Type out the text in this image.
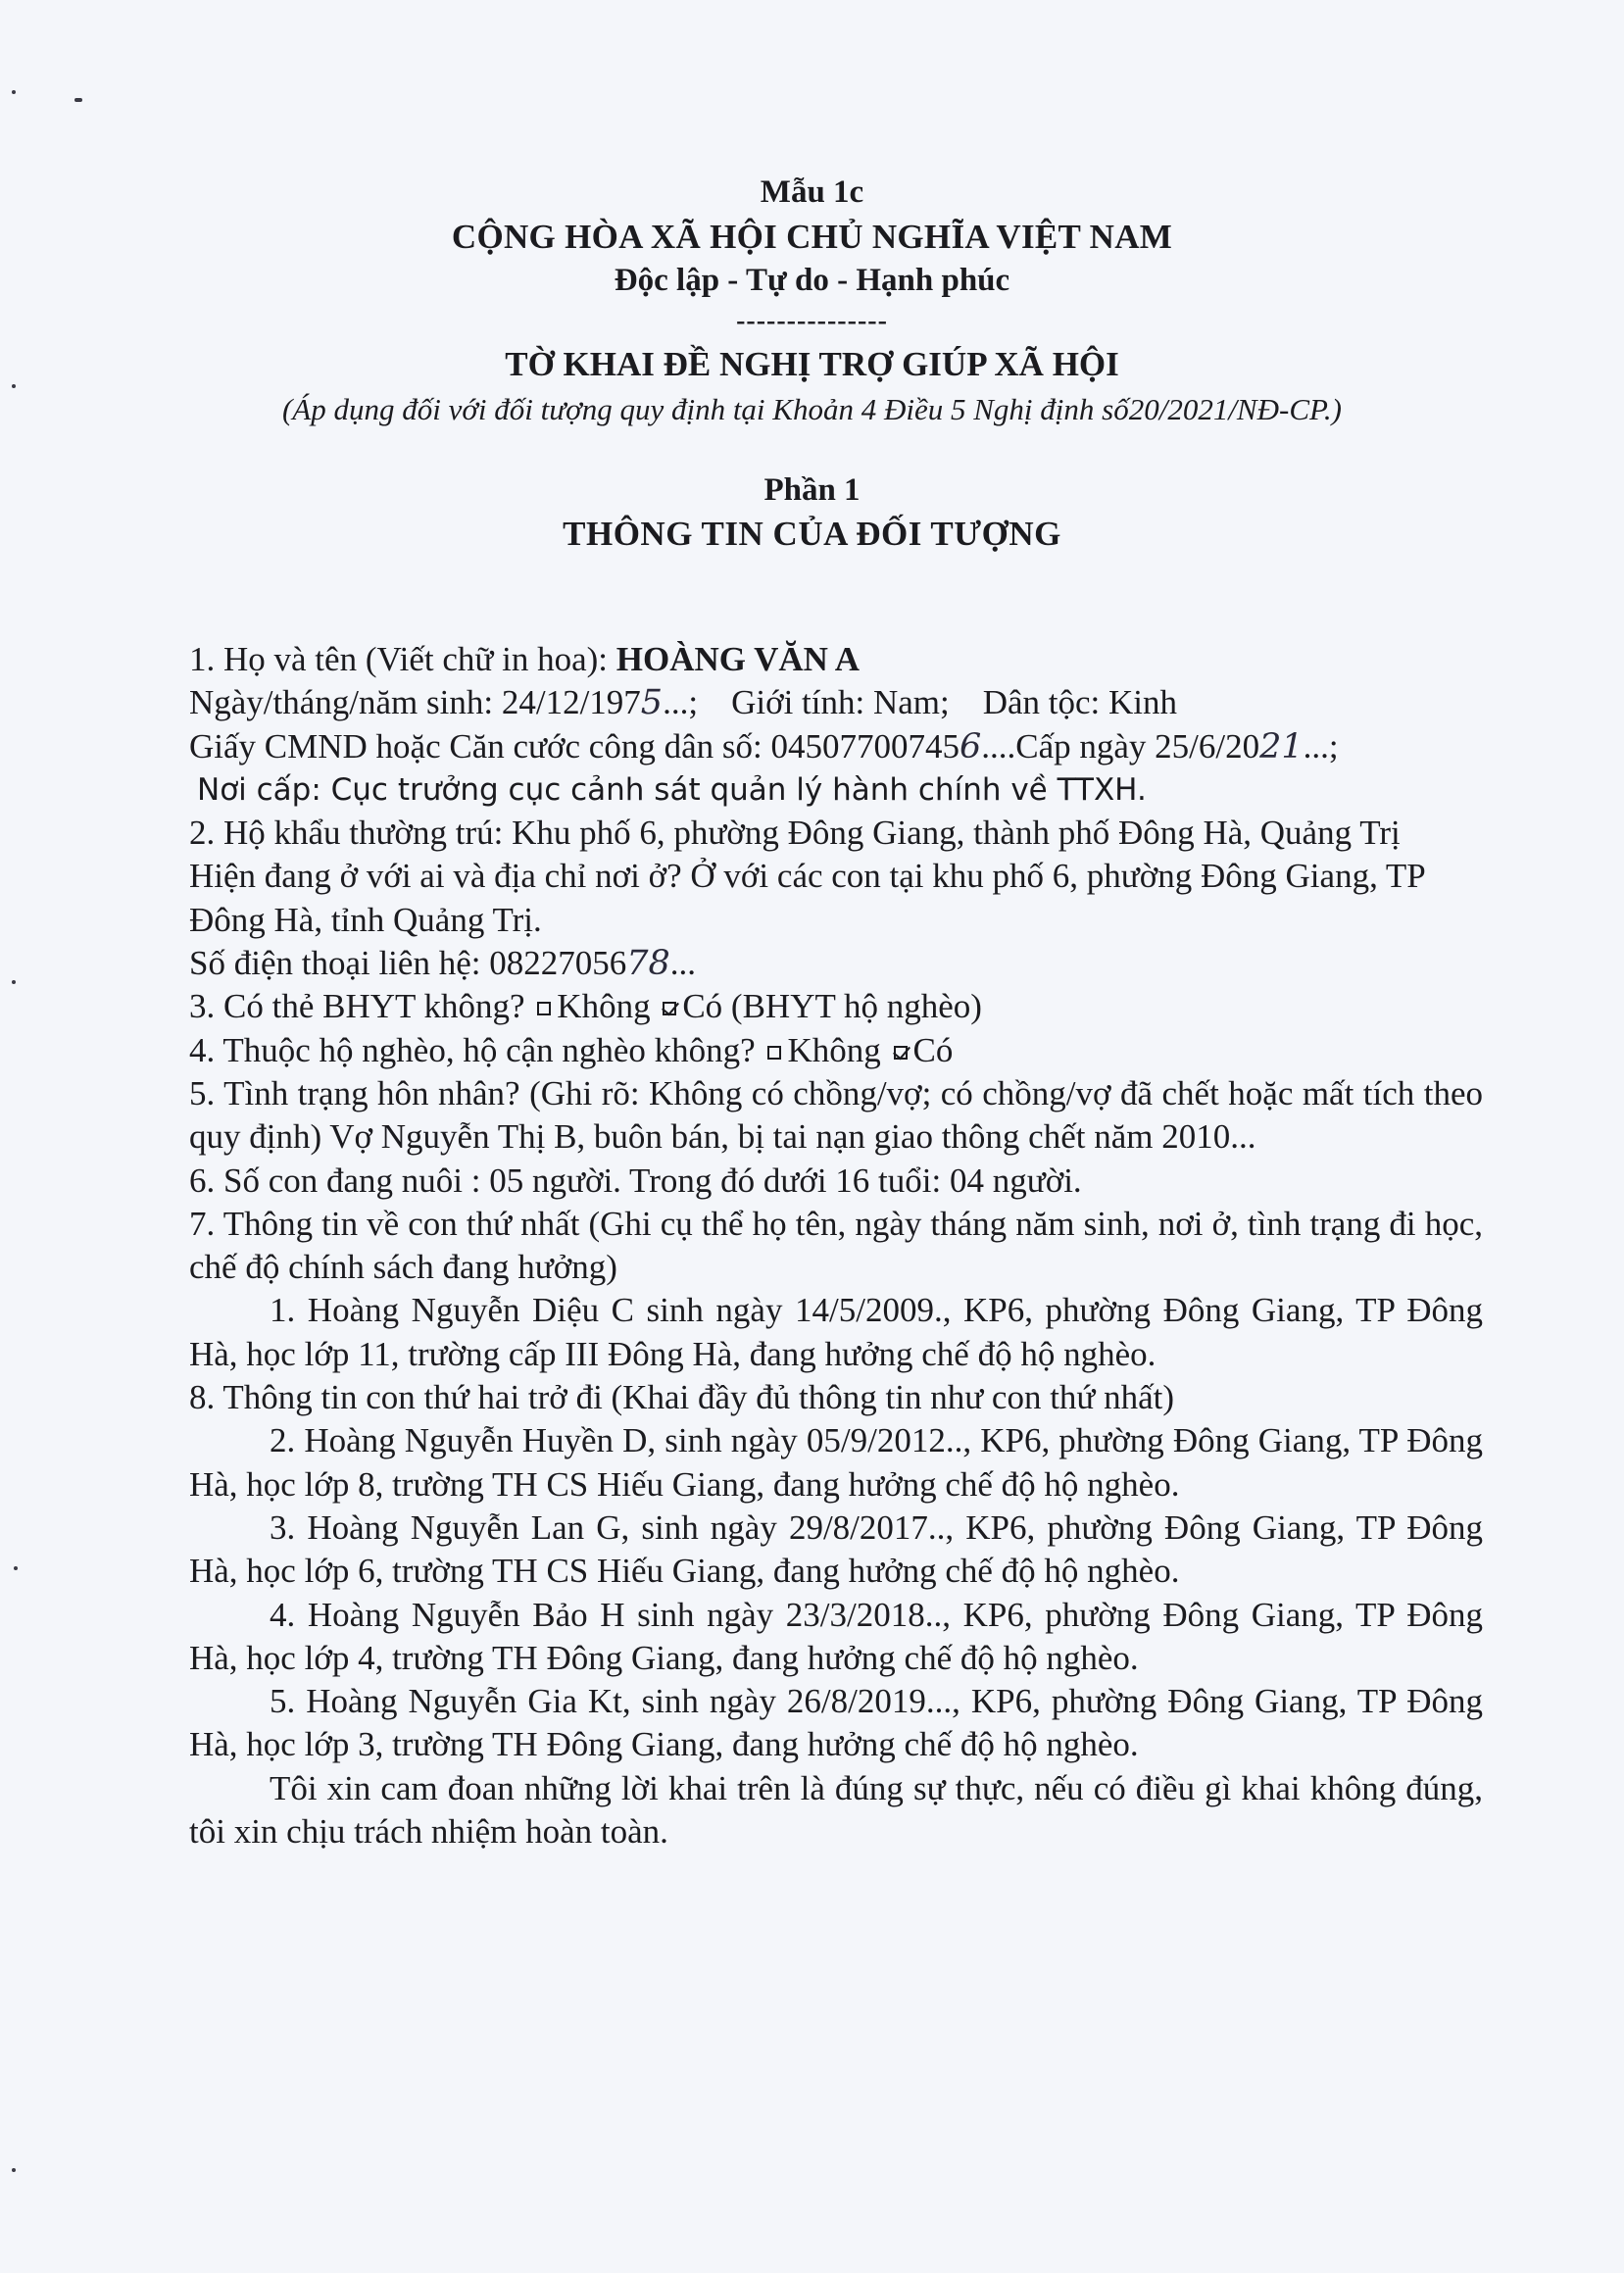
Mẫu 1c
CỘNG HÒA XÃ HỘI CHỦ NGHĨA VIỆT NAM
Độc lập - Tự do - Hạnh phúc
---------------
TỜ KHAI ĐỀ NGHỊ TRỢ GIÚP XÃ HỘI
(Áp dụng đối với đối tượng quy định tại Khoản 4 Điều 5 Nghị định số20/2021/NĐ-CP.)
Phần 1
THÔNG TIN CỦA ĐỐI TƯỢNG

1. Họ và tên (Viết chữ in hoa): HOÀNG VĂN A

Ngày/tháng/năm sinh: 24/12/1975...; Giới tính: Nam; Dân tộc: Kinh

Giấy CMND hoặc Căn cước công dân số: 045077007456....Cấp ngày 25/6/2021...;

Nơi cấp: Cục trưởng cục cảnh sát quản lý hành chính về TTXH.

2. Hộ khẩu thường trú: Khu phố 6, phường Đông Giang, thành phố Đông Hà, Quảng Trị

Hiện đang ở với ai và địa chỉ nơi ở? Ở với các con tại khu phố 6, phường Đông Giang, TP Đông Hà, tỉnh Quảng Trị.

Số điện thoại liên hệ: 0822705678...

3. Có thẻ BHYT không? Không Có (BHYT hộ nghèo)

4. Thuộc hộ nghèo, hộ cận nghèo không? Không Có

5. Tình trạng hôn nhân? (Ghi rõ: Không có chồng/vợ; có chồng/vợ đã chết hoặc mất tích theo quy định) Vợ Nguyễn Thị B, buôn bán, bị tai nạn giao thông chết năm 2010...

6. Số con đang nuôi : 05 người. Trong đó dưới 16 tuổi: 04 người.

7. Thông tin về con thứ nhất (Ghi cụ thể họ tên, ngày tháng năm sinh, nơi ở, tình trạng đi học, chế độ chính sách đang hưởng)

1. Hoàng Nguyễn Diệu C sinh ngày 14/5/2009., KP6, phường Đông Giang, TP Đông Hà, học lớp 11, trường cấp III Đông Hà, đang hưởng chế độ hộ nghèo.

8. Thông tin con thứ hai trở đi (Khai đầy đủ thông tin như con thứ nhất)

2. Hoàng Nguyễn Huyền D, sinh ngày 05/9/2012.., KP6, phường Đông Giang, TP Đông Hà, học lớp 8, trường TH CS Hiếu Giang, đang hưởng chế độ hộ nghèo.

3. Hoàng Nguyễn Lan G, sinh ngày 29/8/2017.., KP6, phường Đông Giang, TP Đông Hà, học lớp 6, trường TH CS Hiếu Giang, đang hưởng chế độ hộ nghèo.

4. Hoàng Nguyễn Bảo H sinh ngày 23/3/2018.., KP6, phường Đông Giang, TP Đông Hà, học lớp 4, trường TH Đông Giang, đang hưởng chế độ hộ nghèo.

5. Hoàng Nguyễn Gia Kt, sinh ngày 26/8/2019..., KP6, phường Đông Giang, TP Đông Hà, học lớp 3, trường TH Đông Giang, đang hưởng chế độ hộ nghèo.

Tôi xin cam đoan những lời khai trên là đúng sự thực, nếu có điều gì khai không đúng, tôi xin chịu trách nhiệm hoàn toàn.
